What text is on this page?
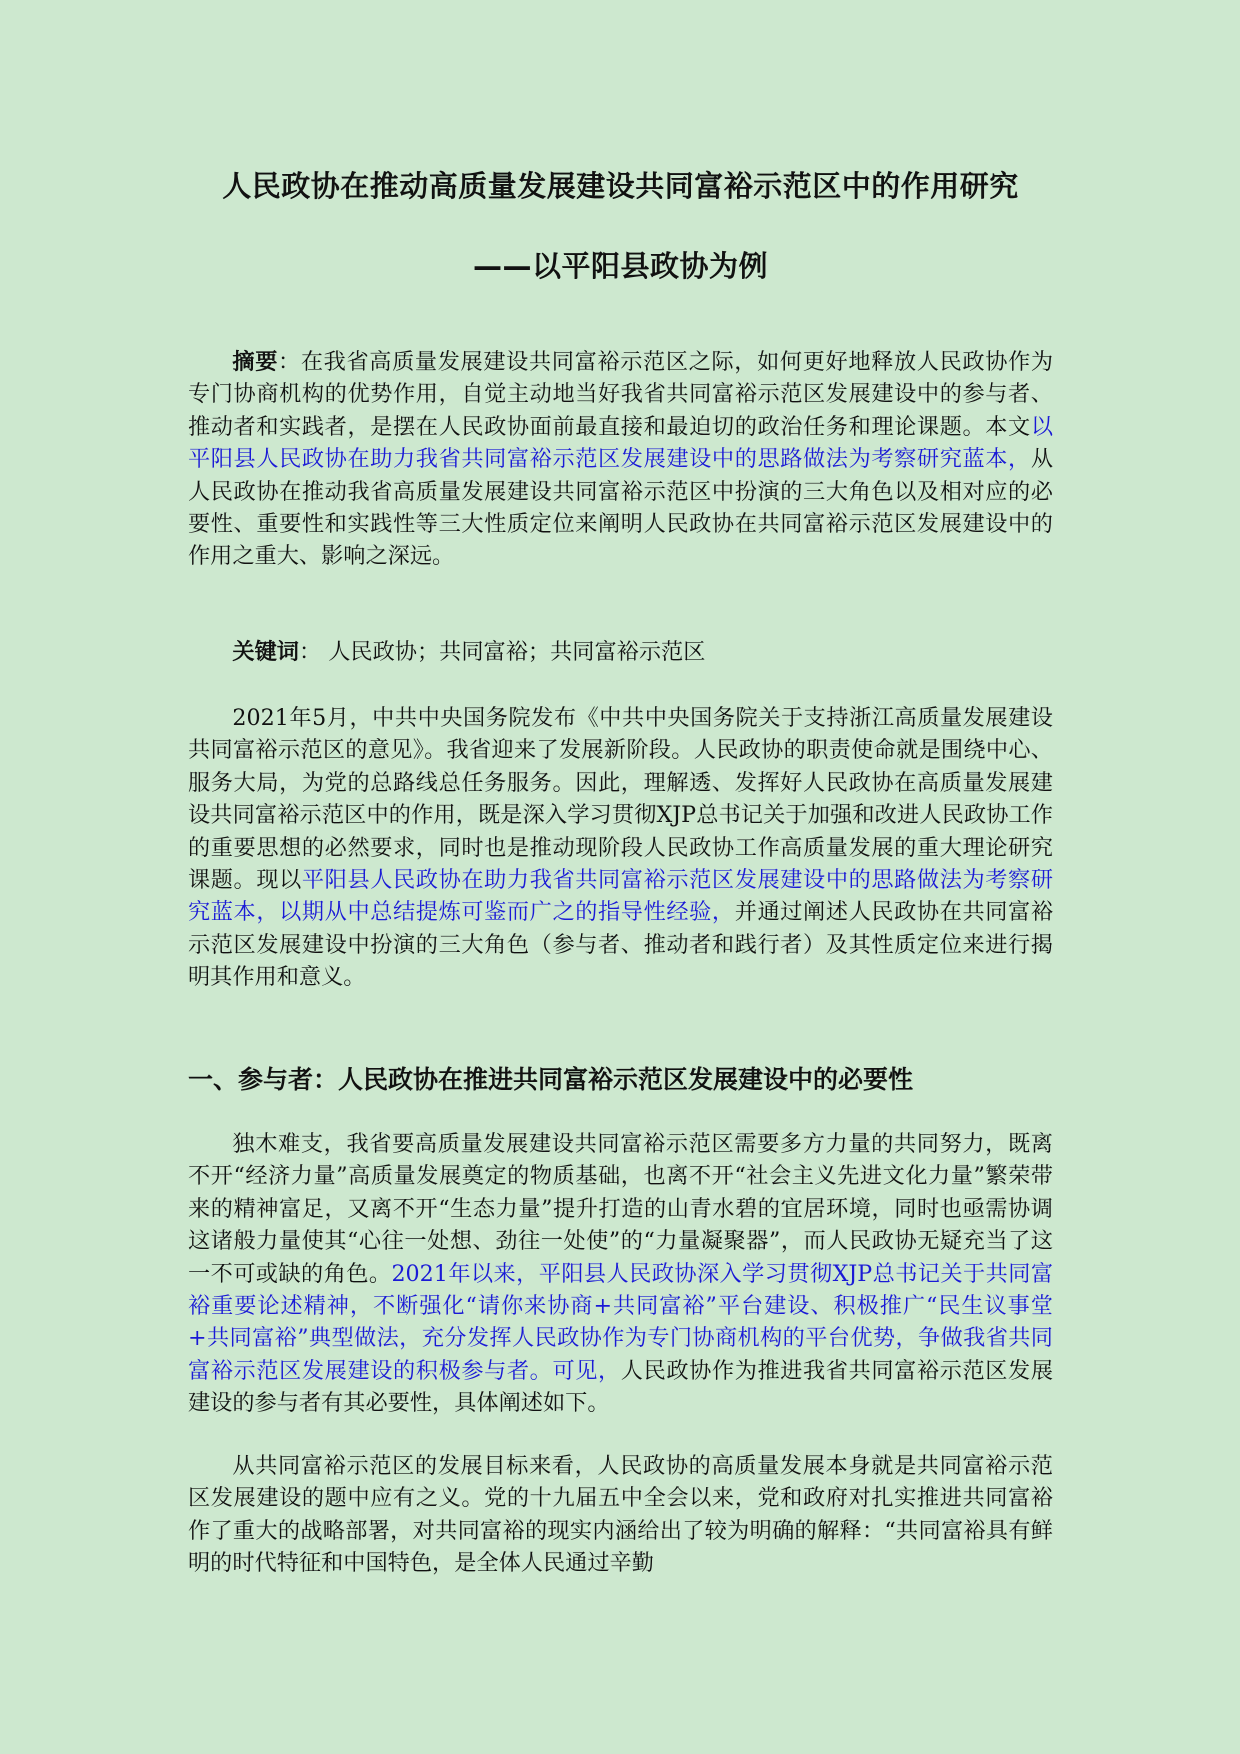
人民政协在推动高质量发展建设共同富裕示范区中的作用研究
——以平阳县政协为例

摘要：在我省高质量发展建设共同富裕示范区之际，如何更好地释放人民政协作为专门协商机构的优势作用，自觉主动地当好我省共同富裕示范区发展建设中的参与者、推动者和实践者，是摆在人民政协面前最直接和最迫切的政治任务和理论课题。本文以平阳县人民政协在助力我省共同富裕示范区发展建设中的思路做法为考察研究蓝本，从人民政协在推动我省高质量发展建设共同富裕示范区中扮演的三大角色以及相对应的必要性、重要性和实践性等三大性质定位来阐明人民政协在共同富裕示范区发展建设中的作用之重大、影响之深远。

关键词： 人民政协；共同富裕；共同富裕示范区

2021年5月，中共中央国务院发布《中共中央国务院关于支持浙江高质量发展建设共同富裕示范区的意见》。我省迎来了发展新阶段。人民政协的职责使命就是围绕中心、服务大局，为党的总路线总任务服务。因此，理解透、发挥好人民政协在高质量发展建设共同富裕示范区中的作用，既是深入学习贯彻XJP总书记关于加强和改进人民政协工作的重要思想的必然要求，同时也是推动现阶段人民政协工作高质量发展的重大理论研究课题。现以平阳县人民政协在助力我省共同富裕示范区发展建设中的思路做法为考察研究蓝本，以期从中总结提炼可鉴而广之的指导性经验，并通过阐述人民政协在共同富裕示范区发展建设中扮演的三大角色（参与者、推动者和践行者）及其性质定位来进行揭明其作用和意义。

一、参与者：人民政协在推进共同富裕示范区发展建设中的必要性

独木难支，我省要高质量发展建设共同富裕示范区需要多方力量的共同努力，既离不开“经济力量”高质量发展奠定的物质基础，也离不开“社会主义先进文化力量”繁荣带来的精神富足，又离不开“生态力量”提升打造的山青水碧的宜居环境，同时也亟需协调这诸般力量使其“心往一处想、劲往一处使”的“力量凝聚器”，而人民政协无疑充当了这一不可或缺的角色。2021年以来，平阳县人民政协深入学习贯彻XJP总书记关于共同富裕重要论述精神，不断强化“请你来协商+共同富裕”平台建设、积极推广“民生议事堂+共同富裕”典型做法，充分发挥人民政协作为专门协商机构的平台优势，争做我省共同富裕示范区发展建设的积极参与者。可见，人民政协作为推进我省共同富裕示范区发展建设的参与者有其必要性，具体阐述如下。

从共同富裕示范区的发展目标来看，人民政协的高质量发展本身就是共同富裕示范区发展建设的题中应有之义。党的十九届五中全会以来，党和政府对扎实推进共同富裕作了重大的战略部署，对共同富裕的现实内涵给出了较为明确的解释：“共同富裕具有鲜明的时代特征和中国特色，是全体人民通过辛勤
